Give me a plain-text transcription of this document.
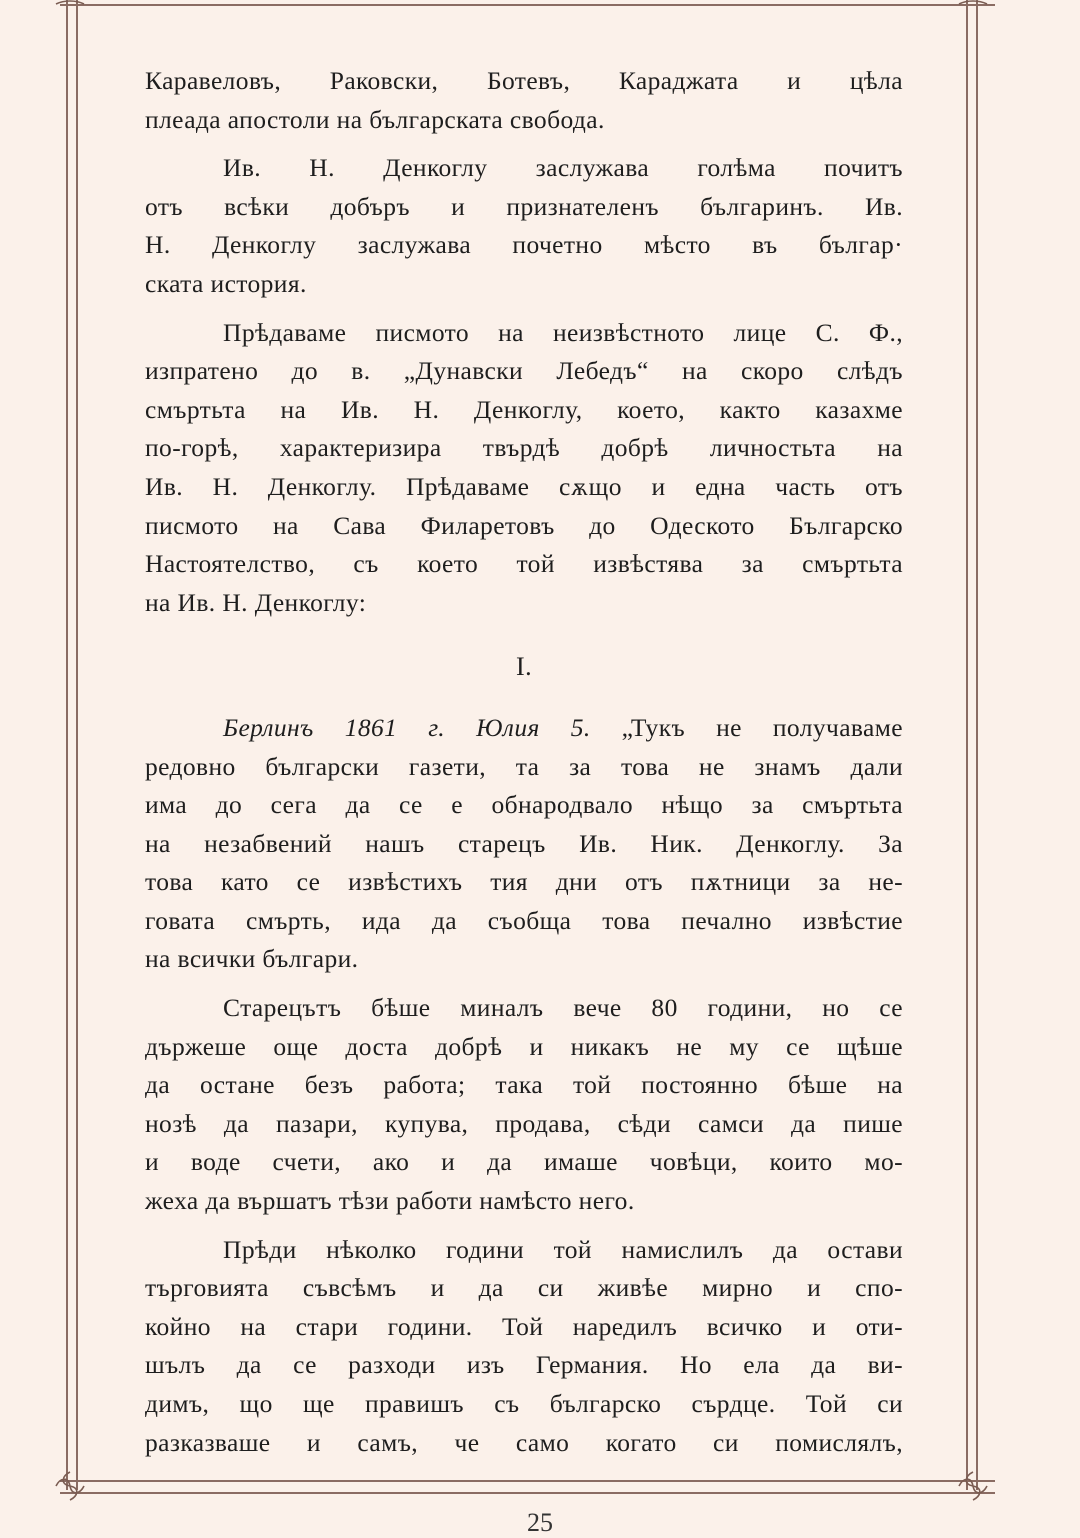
Каравеловъ, Раковски, Ботевъ, Караджата и цѣла
плеада апостоли на българската свобода.
Ив. Н. Денкоглу заслужава голѣма почитъ
отъ всѣки добъръ и признателенъ българинъ. Ив.
Н. Денкоглу заслужава почетно мѣсто въ българ·
ската история.
Прѣдаваме писмото на неизвѣстното лице С. Ф.,
изпратено до в. „Дунавски Лебедъ“ на скоро слѣдъ
смъртьта на Ив. Н. Денкоглу, което, както казахме
по-горѣ, характеризира твърдѣ добрѣ личностьта на
Ив. Н. Денкоглу. Прѣдаваме сѫщо и една часть отъ
писмото на Сава Филаретовъ до Одеското Българско
Настоятелство, съ което той извѣстява за смъртьта
на Ив. Н. Денкоглу:
I.
Берлинъ 1861 г. Юлия 5. „Тукъ не получаваме
редовно български газети, та за това не знамъ дали
има до сега да се е обнародвало нѣщо за смъртьта
на незабвений нашъ старецъ Ив. Ник. Денкоглу. За
това като се извѣстихъ тия дни отъ пѫтници за не-
говата смърть, ида да съобща това печално извѣстие
на всички българи.
Старецътъ бѣше миналъ вече 80 години, но се
държеше още доста добрѣ и никакъ не му се щѣше
да остане безъ работа; така той постоянно бѣше на
нозѣ да пазари, купува, продава, сѣди самси да пише
и воде счети, ако и да имаше човѣци, които мо-
жеха да вършатъ тѣзи работи намѣсто него.
Прѣди нѣколко години той намислилъ да остави
търговията съвсѣмъ и да си живѣе мирно и спо-
койно на стари години. Той наредилъ всичко и оти-
шълъ да се разходи изъ Германия. Но ела да ви-
димъ, що ще правишъ съ българско сърдце. Той си
разказваше и самъ, че само когато си помислялъ,
25
